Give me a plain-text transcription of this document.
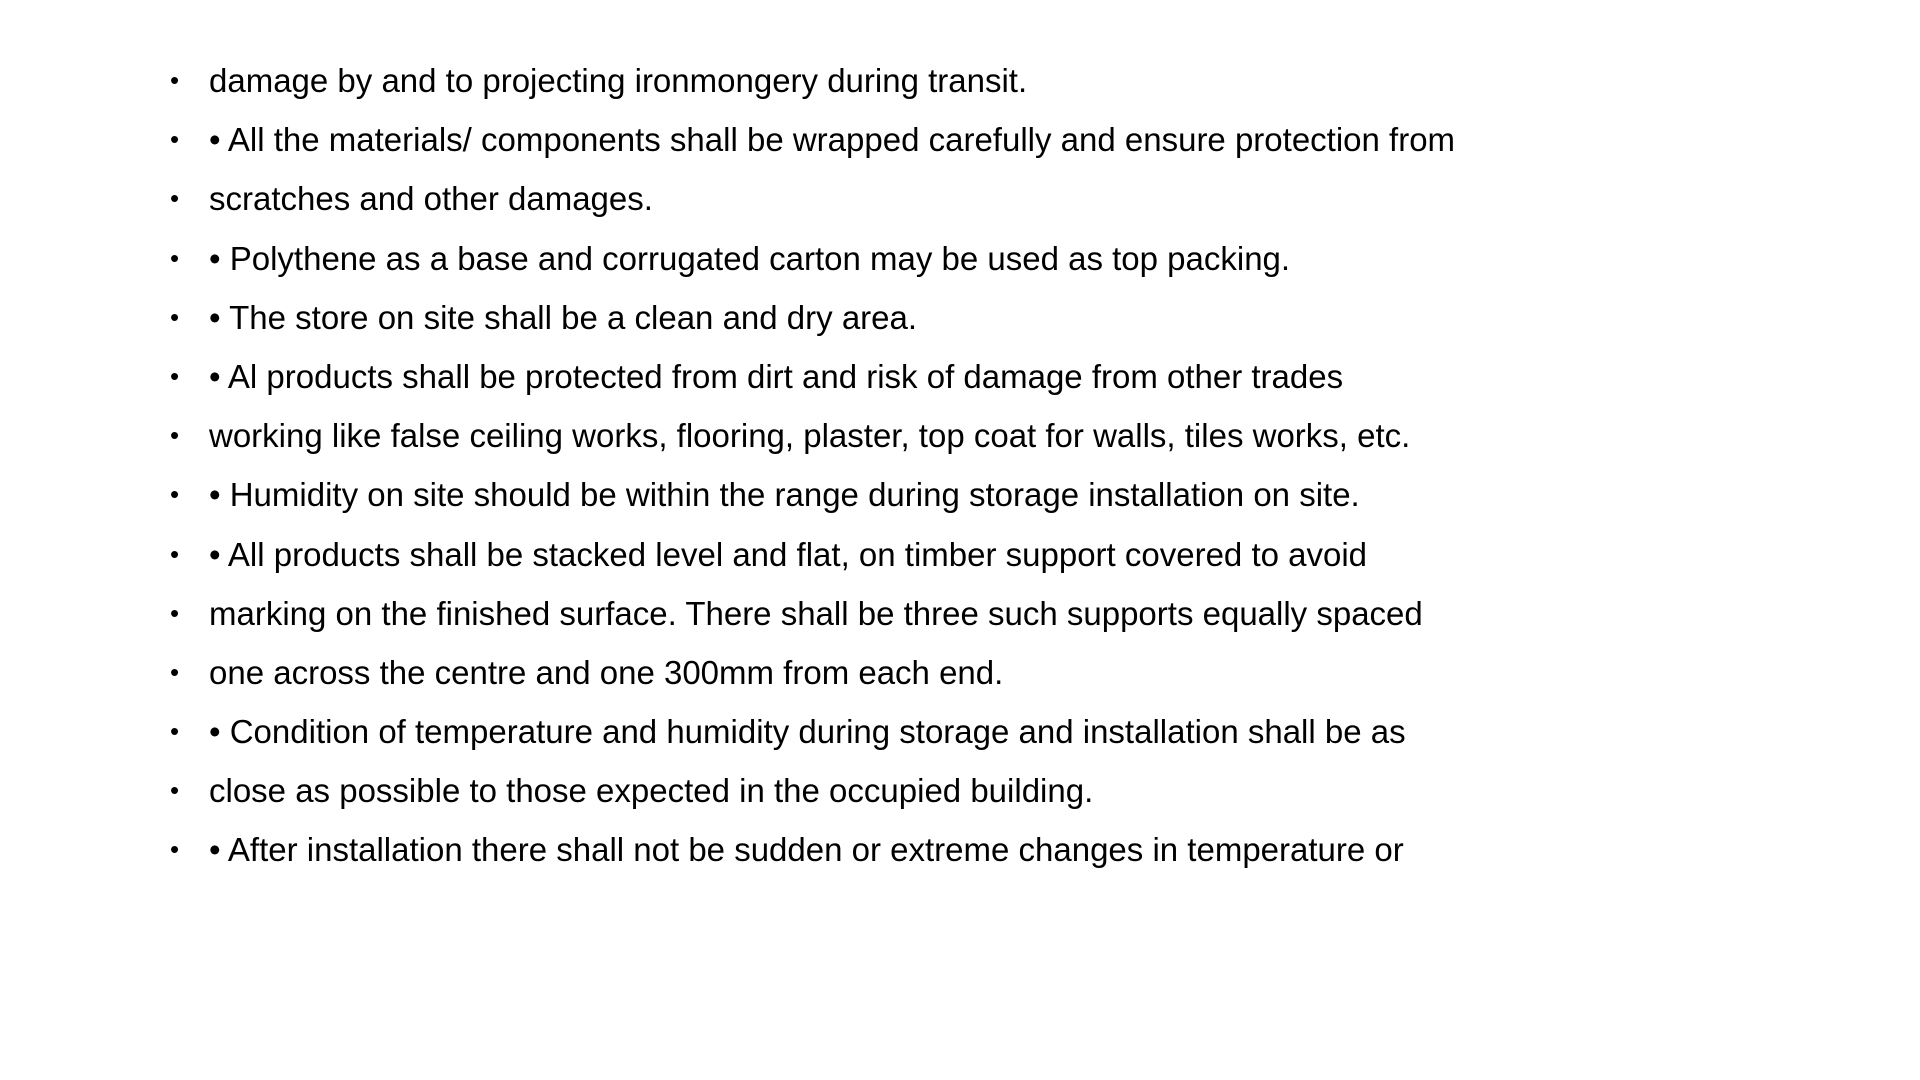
• damage by and to projecting ironmongery during transit.
• • All the materials/ components shall be wrapped carefully and ensure protection from
• scratches and other damages.
• • Polythene as a base and corrugated carton may be used as top packing.
• • The store on site shall be a clean and dry area.
• • Al products shall be protected from dirt and risk of damage from other trades
• working like false ceiling works, flooring, plaster, top coat for walls, tiles works, etc.
• • Humidity on site should be within the range during storage installation on site.
• • All products shall be stacked level and flat, on timber support covered to avoid
• marking on the finished surface. There shall be three such supports equally spaced
• one across the centre and one 300mm from each end.
• • Condition of temperature and humidity during storage and installation shall be as
• close as possible to those expected in the occupied building.
• • After installation there shall not be sudden or extreme changes in temperature or
